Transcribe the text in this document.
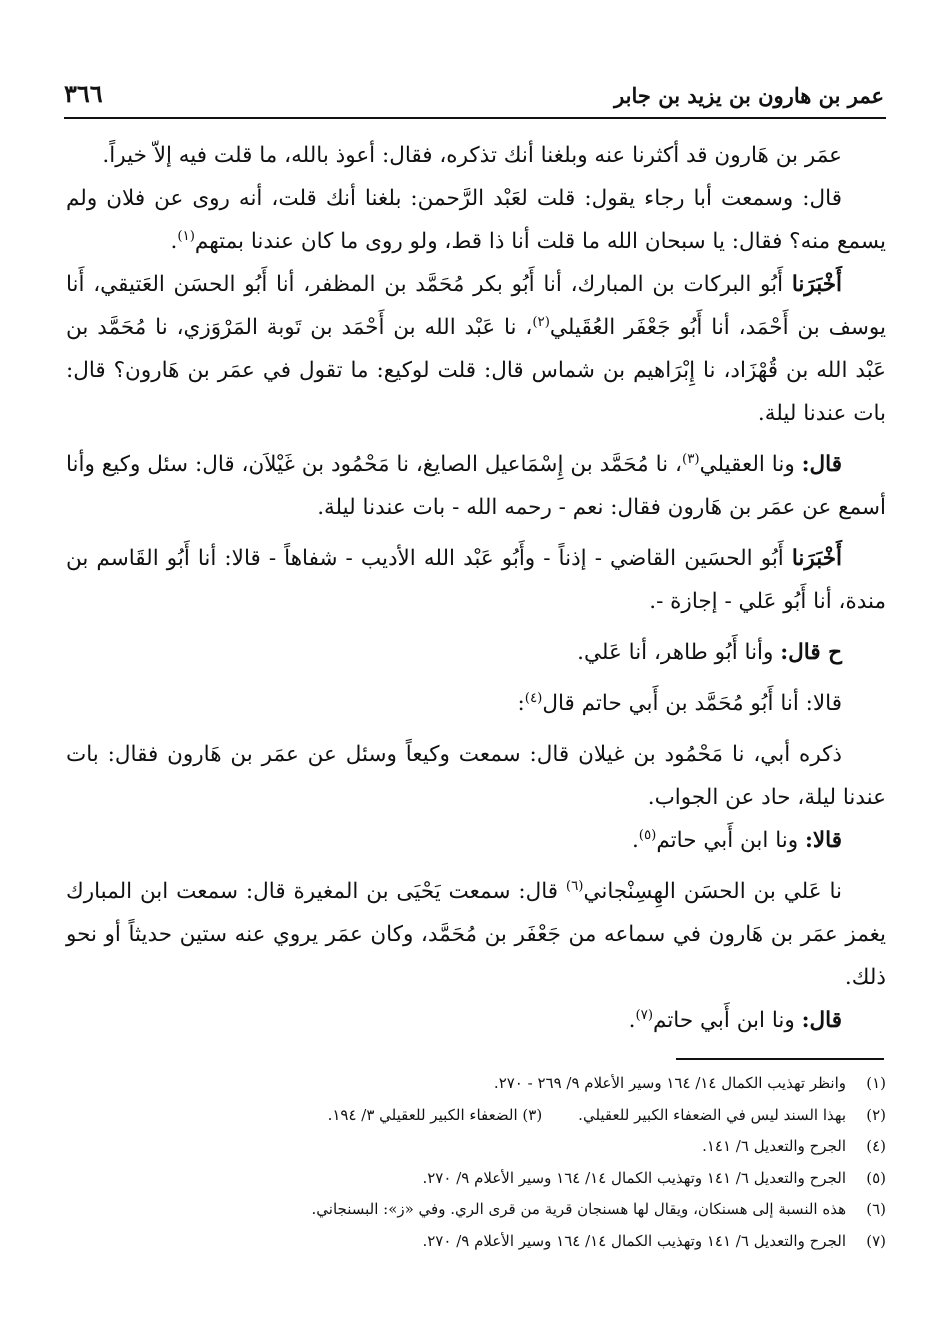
عمر بن هارون بن يزيد بن جابر
٣٦٦

عمَر بن هَارون قد أكثرنا عنه وبلغنا أنك تذكره، فقال: أعوذ بالله، ما قلت فيه إلاّ خيراً.

قال: وسمعت أبا رجاء يقول: قلت لعَبْد الرَّحمن: بلغنا أنك قلت، أنه روى عن فلان ولم يسمع منه؟ فقال: يا سبحان الله ما قلت أنا ذا قط، ولو روى ما كان عندنا بمتهم$^{(١)}$.

أَخْبَرَنا أَبُو البركات بن المبارك، أنا أَبُو بكر مُحَمَّد بن المظفر، أنا أَبُو الحسَن العَتيقي، أَنا يوسف بن أَحْمَد، أنا أَبُو جَعْفَر العُقَيلي$^{(٢)}$، نا عَبْد الله بن أَحْمَد بن تَوبة المَرْوَزي، نا مُحَمَّد بن عَبْد الله بن قُهْزَاد، نا إِبْرَاهيم بن شماس قال: قلت لوكيع: ما تقول في عمَر بن هَارون؟ قال: بات عندنا ليلة.

قال: ونا العقيلي$^{(٣)}$، نا مُحَمَّد بن إِسْمَاعيل الصايغ، نا مَحْمُود بن غَيْلاَن، قال: سئل وكيع وأنا أسمع عن عمَر بن هَارون فقال: نعم - رحمه الله - بات عندنا ليلة.

أَخْبَرَنا أَبُو الحسَين القاضي - إذناً - وأَبُو عَبْد الله الأديب - شفاهاً - قالا: أنا أَبُو القَاسم بن مندة، أنا أَبُو عَلي - إجازة -.

ح قال: وأنا أَبُو طاهر، أنا عَلي.

قالا: أنا أَبُو مُحَمَّد بن أَبي حاتم قال$^{(٤)}$:

ذكره أبي، نا مَحْمُود بن غيلان قال: سمعت وكيعاً وسئل عن عمَر بن هَارون فقال: بات عندنا ليلة، حاد عن الجواب.

قالا: ونا ابن أَبي حاتم$^{(٥)}$.

نا عَلي بن الحسَن الهِسِنْجاني$^{(٦)}$ قال: سمعت يَحْيَى بن المغيرة قال: سمعت ابن المبارك يغمز عمَر بن هَارون في سماعه من جَعْفَر بن مُحَمَّد، وكان عمَر يروي عنه ستين حديثاً أو نحو ذلك.

قال: ونا ابن أَبي حاتم$^{(٧)}$.

(١)
وانظر تهذيب الكمال ١٤/ ١٦٤ وسير الأعلام ٩/ ٢٦٩ - ٢٧٠.
(٢)
بهذا السند ليس في الضعفاء الكبير للعقيلي.
(٣)

الضعفاء الكبير للعقيلي ٣/ ١٩٤.
(٤)
الجرح والتعديل ٦/ ١٤١.
(٥)
الجرح والتعديل ٦/ ١٤١ وتهذيب الكمال ١٤/ ١٦٤ وسير الأعلام ٩/ ٢٧٠.
(٦)
هذه النسبة إلى هسنكان، ويقال لها هسنجان قرية من قرى الري. وفي «ز»: البسنجاني.
(٧)
الجرح والتعديل ٦/ ١٤١ وتهذيب الكمال ١٤/ ١٦٤ وسير الأعلام ٩/ ٢٧٠.
